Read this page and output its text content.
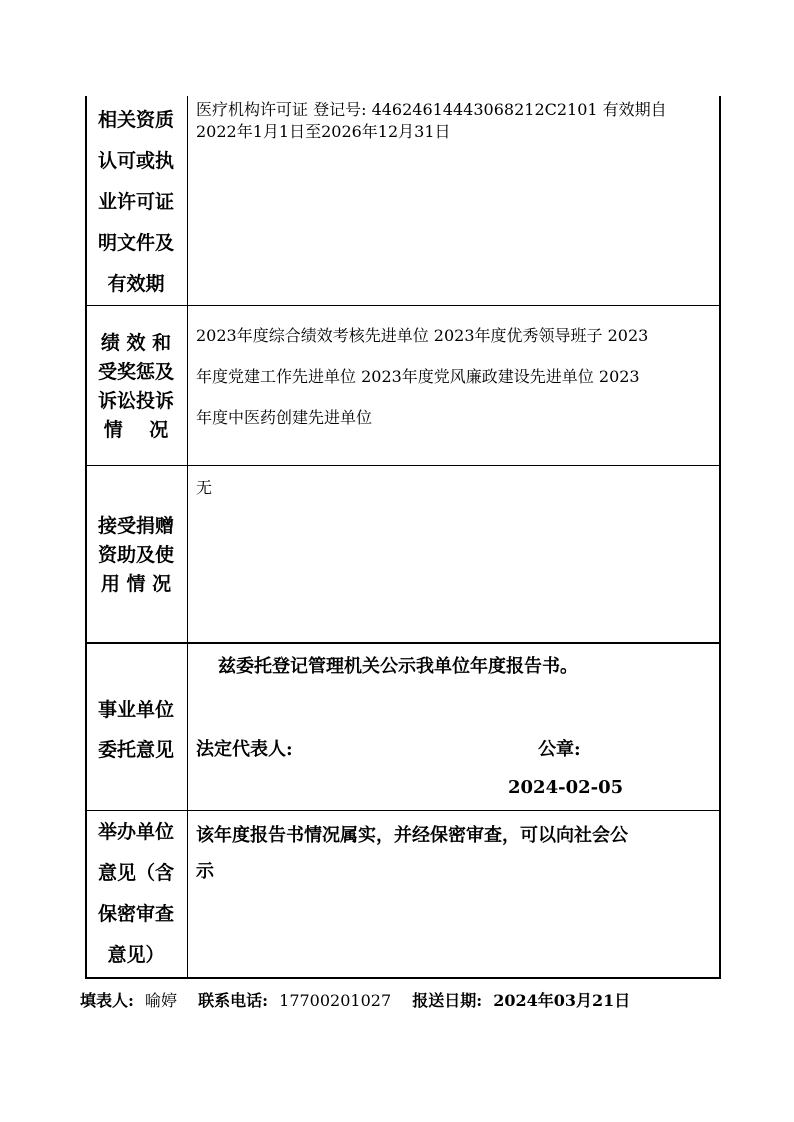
相关资质
认可或执
业许可证
明文件及
有效期
医疗机构许可证 登记号: 44624614443068212C2101 有效期自
2022年1月1日至2026年12月31日
绩 效 和
受奖惩及
诉讼投诉
情    况
2023年度综合绩效考核先进单位 2023年度优秀领导班子 2023
年度党建工作先进单位 2023年度党风廉政建设先进单位 2023
年度中医药创建先进单位
接受捐赠
资助及使
用 情 况
无
事业单位
委托意见
兹委托登记管理机关公示我单位年度报告书。
法定代表人:	公章:
2024-02-05
举办单位
意见（含
保密审查
意见）
该年度报告书情况属实，并经保密审查，可以向社会公
示
填表人: 喻婷 联系电话: 17700201027 报送日期: 2024年03月21日
